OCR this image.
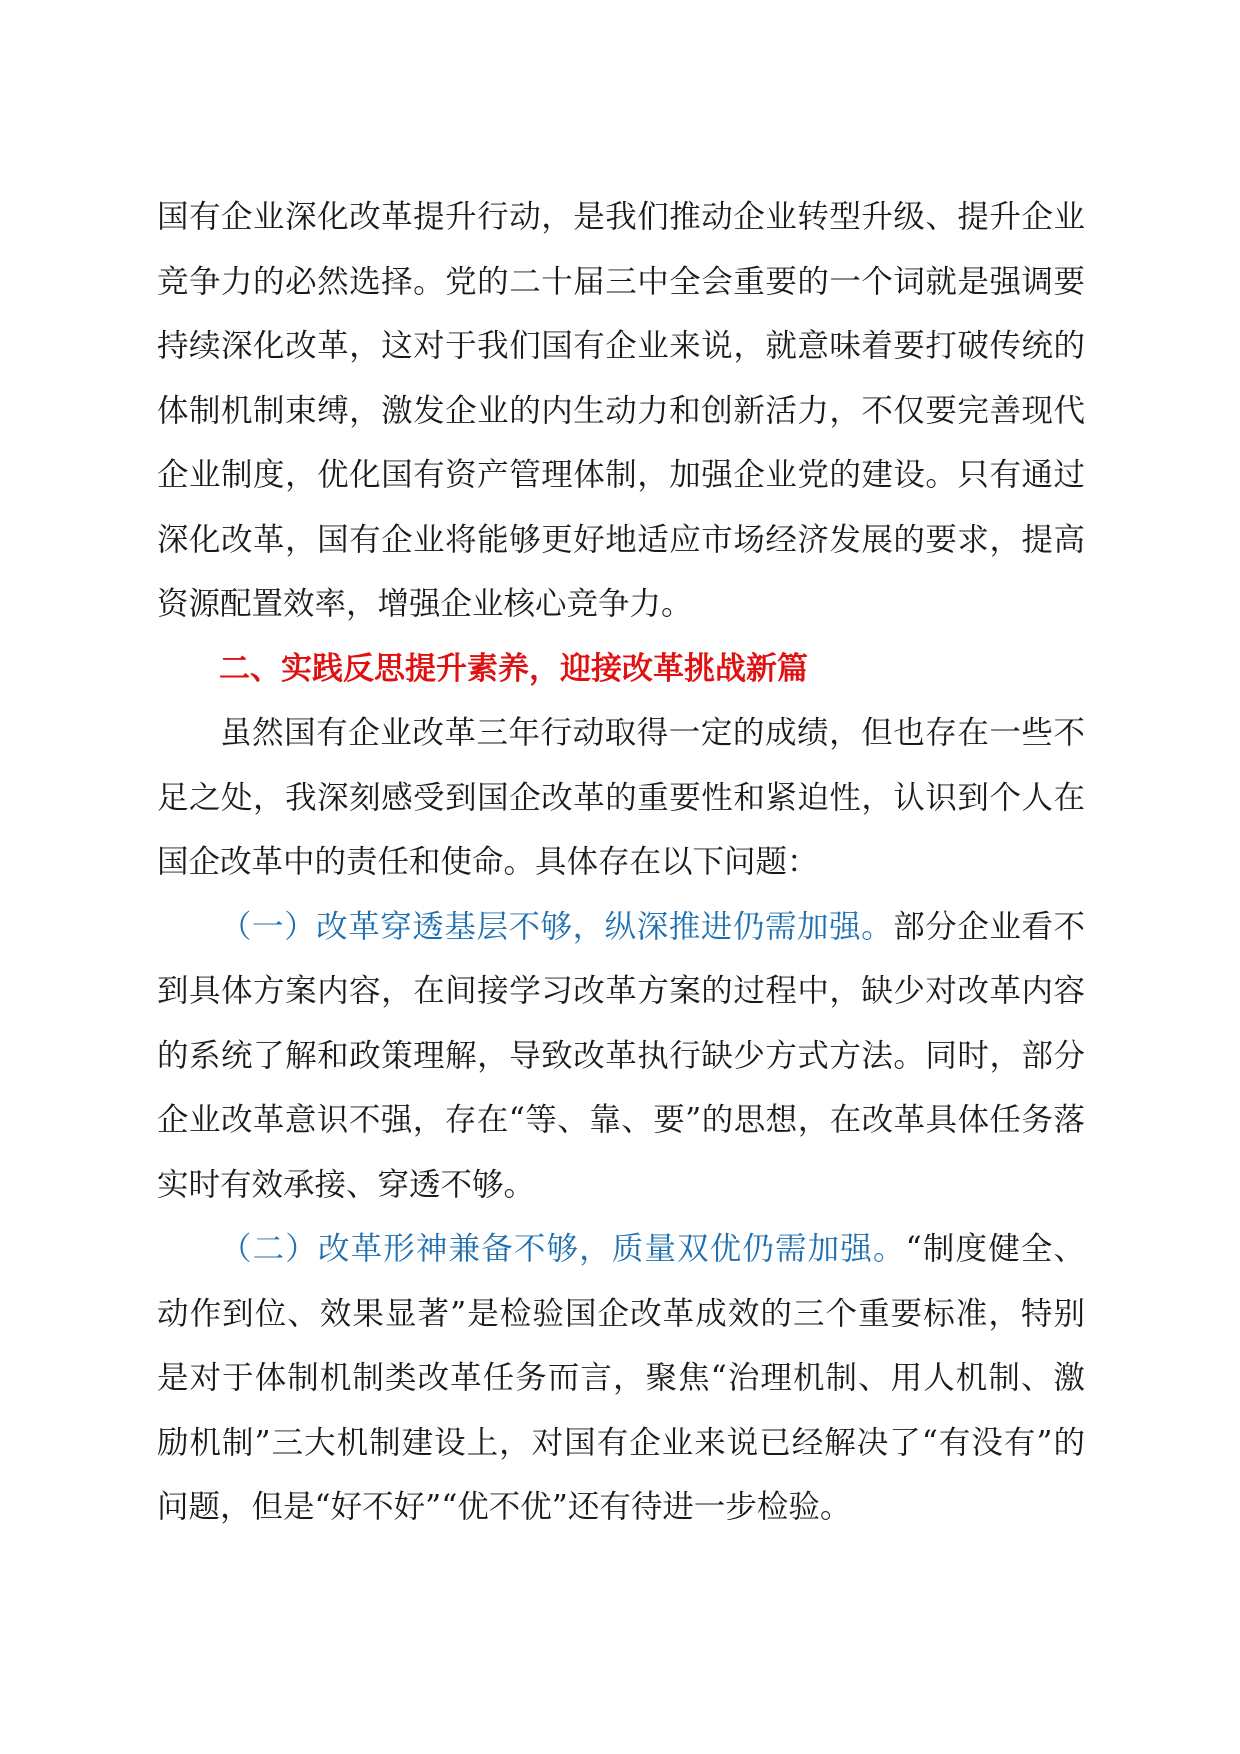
国有企业深化改革提升行动，是我们推动企业转型升级、提升企业竞争力的必然选择。党的二十届三中全会重要的一个词就是强调要持续深化改革，这对于我们国有企业来说，就意味着要打破传统的体制机制束缚，激发企业的内生动力和创新活力，不仅要完善现代企业制度，优化国有资产管理体制，加强企业党的建设。只有通过深化改革，国有企业将能够更好地适应市场经济发展的要求，提高资源配置效率，增强企业核心竞争力。

二、实践反思提升素养，迎接改革挑战新篇

虽然国有企业改革三年行动取得一定的成绩，但也存在一些不足之处，我深刻感受到国企改革的重要性和紧迫性，认识到个人在国企改革中的责任和使命。具体存在以下问题：

（一）改革穿透基层不够，纵深推进仍需加强。部分企业看不到具体方案内容，在间接学习改革方案的过程中，缺少对改革内容的系统了解和政策理解，导致改革执行缺少方式方法。同时，部分企业改革意识不强，存在“等、靠、要”的思想，在改革具体任务落实时有效承接、穿透不够。

（二）改革形神兼备不够，质量双优仍需加强。“制度健全、动作到位、效果显著”是检验国企改革成效的三个重要标准，特别是对于体制机制类改革任务而言，聚焦“治理机制、用人机制、激励机制”三大机制建设上，对国有企业来说已经解决了“有没有”的问题，但是“好不好”“优不优”还有待进一步检验。
